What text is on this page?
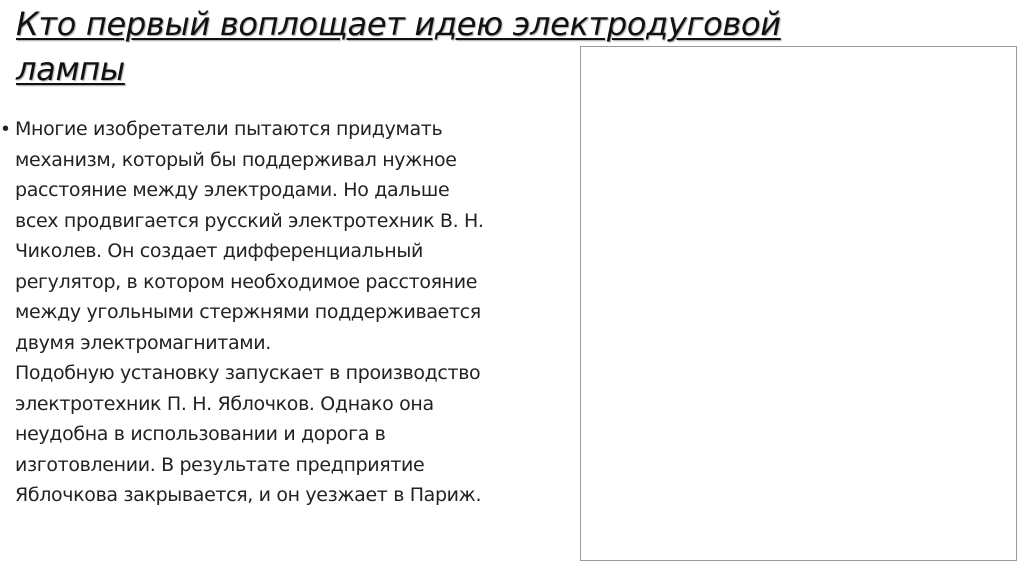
Кто первый воплощает идею электродуговой лампы
• Многие изобретатели пытаются придумать
механизм, который бы поддерживал нужное
расстояние между электродами. Но дальше
всех продвигается русский электротехник В. Н.
Чиколев. Он создает дифференциальный
регулятор, в котором необходимое расстояние
между угольными стержнями поддерживается
двумя электромагнитами.
Подобную установку запускает в производство
электротехник П. Н. Яблочков. Однако она
неудобна в использовании и дорога в
изготовлении. В результате предприятие
Яблочкова закрывается, и он уезжает в Париж.
